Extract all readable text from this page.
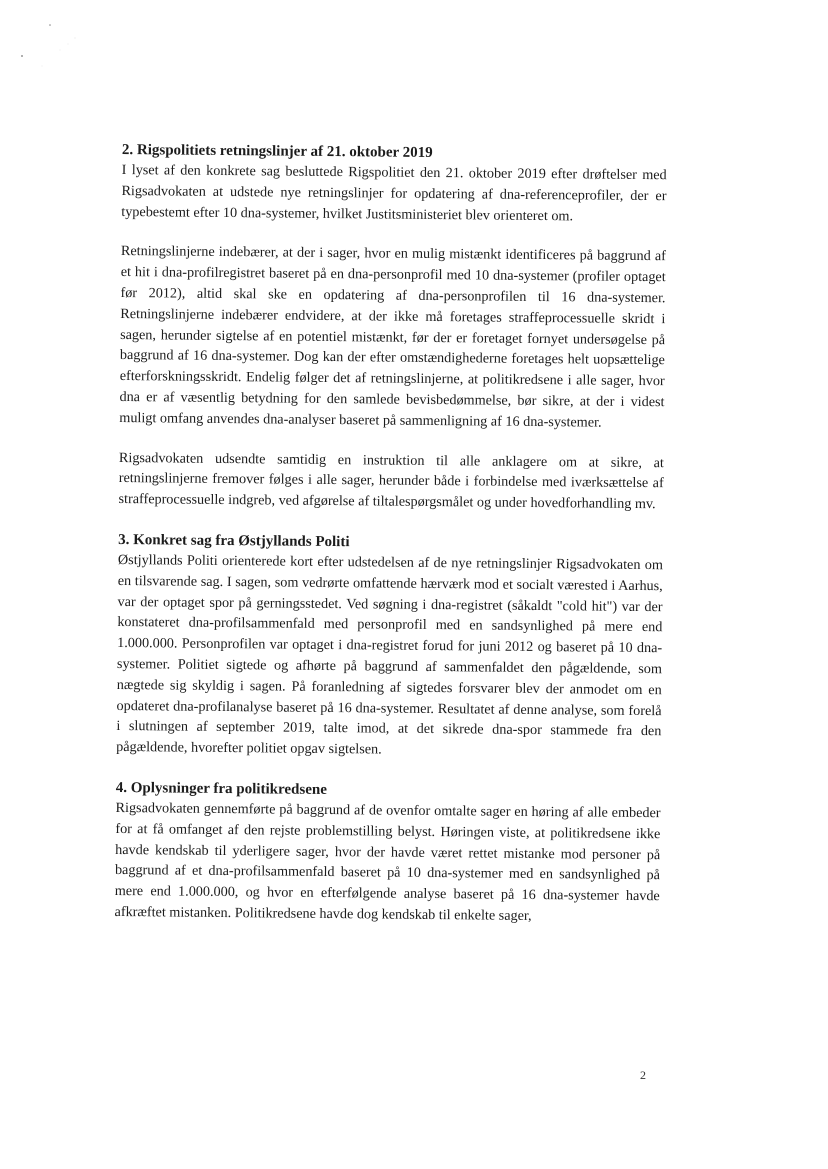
2. Rigspolitiets retningslinjer af 21. oktober 2019

I lyset af den konkrete sag besluttede Rigspolitiet den 21. oktober 2019 efter drøftelser med Rigsadvokaten at udstede nye retningslinjer for opdatering af dna-referenceprofiler, der er typebestemt efter 10 dna-systemer, hvilket Justitsministeriet blev orienteret om.

Retningslinjerne indebærer, at der i sager, hvor en mulig mistænkt identificeres på baggrund af et hit i dna-profilregistret baseret på en dna-personprofil med 10 dna-systemer (profiler optaget før 2012), altid skal ske en opdatering af dna-personprofilen til 16 dna-systemer. Retningslinjerne indebærer endvidere, at der ikke må foretages straffeprocessuelle skridt i sagen, herunder sigtelse af en potentiel mistænkt, før der er foretaget fornyet undersøgelse på baggrund af 16 dna-systemer. Dog kan der efter omstændighederne foretages helt uopsættelige efterforskningsskridt. Endelig følger det af retningslinjerne, at politikredsene i alle sager, hvor dna er af væsentlig betydning for den samlede bevisbedømmelse, bør sikre, at der i videst muligt omfang anvendes dna-analyser baseret på sammenligning af 16 dna-systemer.

Rigsadvokaten udsendte samtidig en instruktion til alle anklagere om at sikre, at retningslinjerne fremover følges i alle sager, herunder både i forbindelse med iværksættelse af straffeprocessuelle indgreb, ved afgørelse af tiltalespørgsmålet og under hovedforhandling mv.

3. Konkret sag fra Østjyllands Politi

Østjyllands Politi orienterede kort efter udstedelsen af de nye retningslinjer Rigsadvokaten om en tilsvarende sag. I sagen, som vedrørte omfattende hærværk mod et socialt værested i Aarhus, var der optaget spor på gerningsstedet. Ved søgning i dna-registret (såkaldt "cold hit") var der konstateret dna-profilsammenfald med personprofil med en sandsynlighed på mere end 1.000.000. Personprofilen var optaget i dna-registret forud for juni 2012 og baseret på 10 dna-systemer. Politiet sigtede og afhørte på baggrund af sammenfaldet den pågældende, som nægtede sig skyldig i sagen. På foranledning af sigtedes forsvarer blev der anmodet om en opdateret dna-profilanalyse baseret på 16 dna-systemer. Resultatet af denne analyse, som forelå i slutningen af september 2019, talte imod, at det sikrede dna-spor stammede fra den pågældende, hvorefter politiet opgav sigtelsen.

4. Oplysninger fra politikredsene

Rigsadvokaten gennemførte på baggrund af de ovenfor omtalte sager en høring af alle embeder for at få omfanget af den rejste problemstilling belyst. Høringen viste, at politikredsene ikke havde kendskab til yderligere sager, hvor der havde været rettet mistanke mod personer på baggrund af et dna-profilsammenfald baseret på 10 dna-systemer med en sandsynlighed på mere end 1.000.000, og hvor en efterfølgende analyse baseret på 16 dna-systemer havde afkræftet mistanken. Politikredsene havde dog kendskab til enkelte sager,

2
